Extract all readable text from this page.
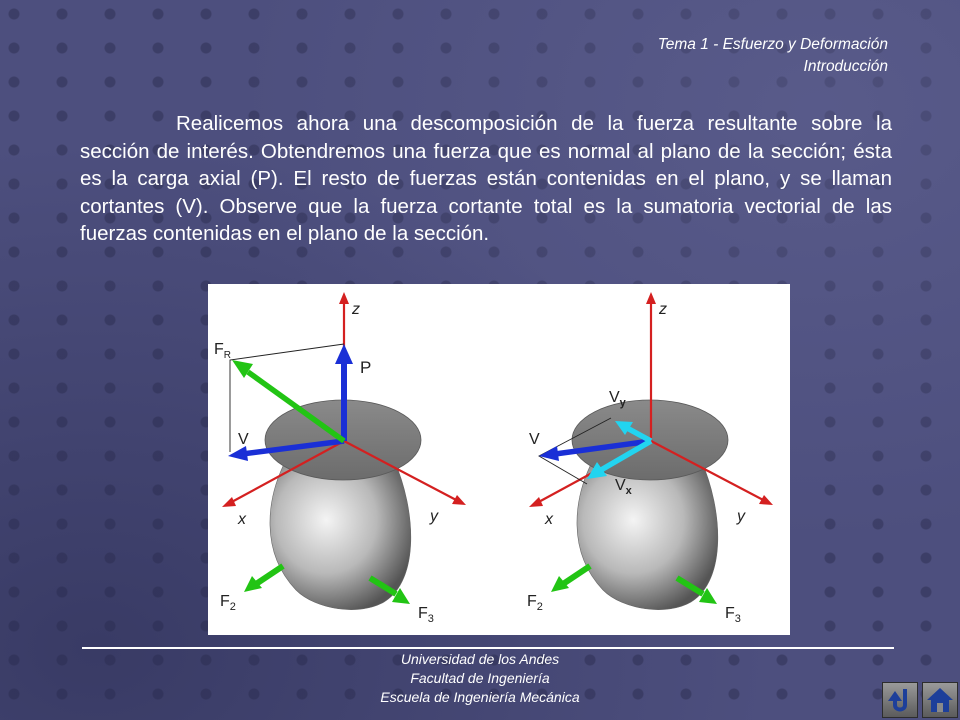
Tema 1 - Esfuerzo y Deformación
Introducción
Realicemos ahora una descomposición de la fuerza resultante sobre la sección de interés. Obtendremos una fuerza que es normal al plano de la sección; ésta es la carga axial (P). El resto de fuerzas están contenidas en el plano, y se llaman cortantes (V). Observe que la fuerza cortante total es la sumatoria vectorial de las fuerzas contenidas en el plano de la sección.
z
y
x
P
V
$F_R$
$F_2$	$F_3$
z
y
x
V
$V_y$
$V_x$
$F_2$	$F_3$
Universidad de los Andes
Facultad de Ingeniería
Escuela de Ingeniería Mecánica
